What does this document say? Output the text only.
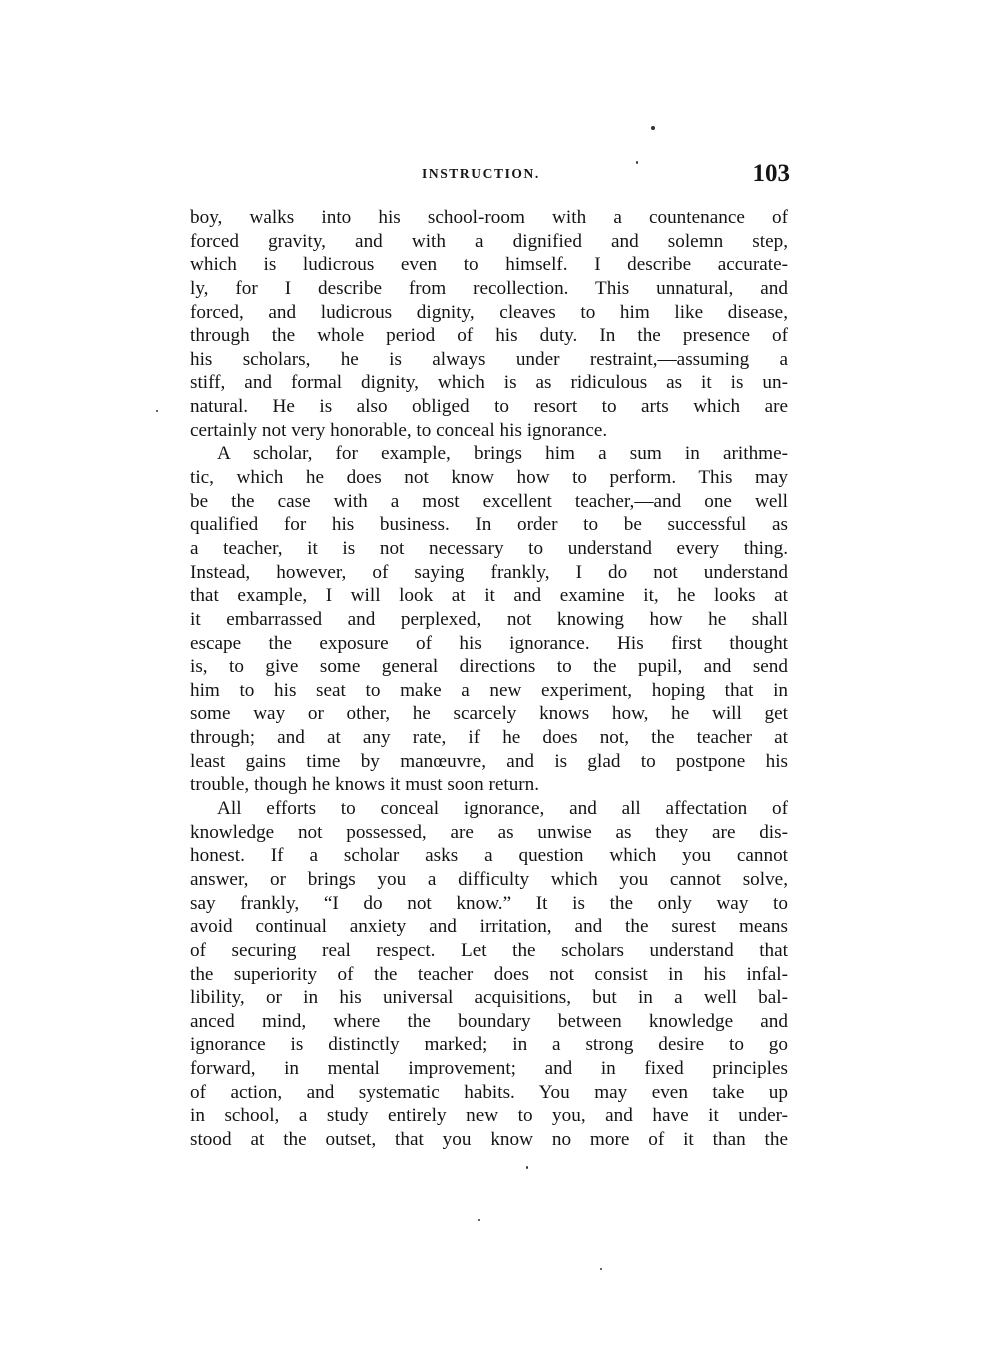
INSTRUCTION.	103
boy, walks into his school-room with a countenance of
forced gravity, and with a dignified and solemn step,
which is ludicrous even to himself. I describe accurate-
ly, for I describe from recollection. This unnatural, and
forced, and ludicrous dignity, cleaves to him like disease,
through the whole period of his duty. In the presence of
his scholars, he is always under restraint,—assuming a
stiff, and formal dignity, which is as ridiculous as it is un-
natural. He is also obliged to resort to arts which are
certainly not very honorable, to conceal his ignorance.
A scholar, for example, brings him a sum in arithme-
tic, which he does not know how to perform. This may
be the case with a most excellent teacher,—and one well
qualified for his business. In order to be successful as
a teacher, it is not necessary to understand every thing.
Instead, however, of saying frankly, I do not understand
that example, I will look at it and examine it, he looks at
it embarrassed and perplexed, not knowing how he shall
escape the exposure of his ignorance. His first thought
is, to give some general directions to the pupil, and send
him to his seat to make a new experiment, hoping that in
some way or other, he scarcely knows how, he will get
through; and at any rate, if he does not, the teacher at
least gains time by manœuvre, and is glad to postpone his
trouble, though he knows it must soon return.
All efforts to conceal ignorance, and all affectation of
knowledge not possessed, are as unwise as they are dis-
honest. If a scholar asks a question which you cannot
answer, or brings you a difficulty which you cannot solve,
say frankly, “I do not know.” It is the only way to
avoid continual anxiety and irritation, and the surest means
of securing real respect. Let the scholars understand that
the superiority of the teacher does not consist in his infal-
libility, or in his universal acquisitions, but in a well bal-
anced mind, where the boundary between knowledge and
ignorance is distinctly marked; in a strong desire to go
forward, in mental improvement; and in fixed principles
of action, and systematic habits. You may even take up
in school, a study entirely new to you, and have it under-
stood at the outset, that you know no more of it than the
